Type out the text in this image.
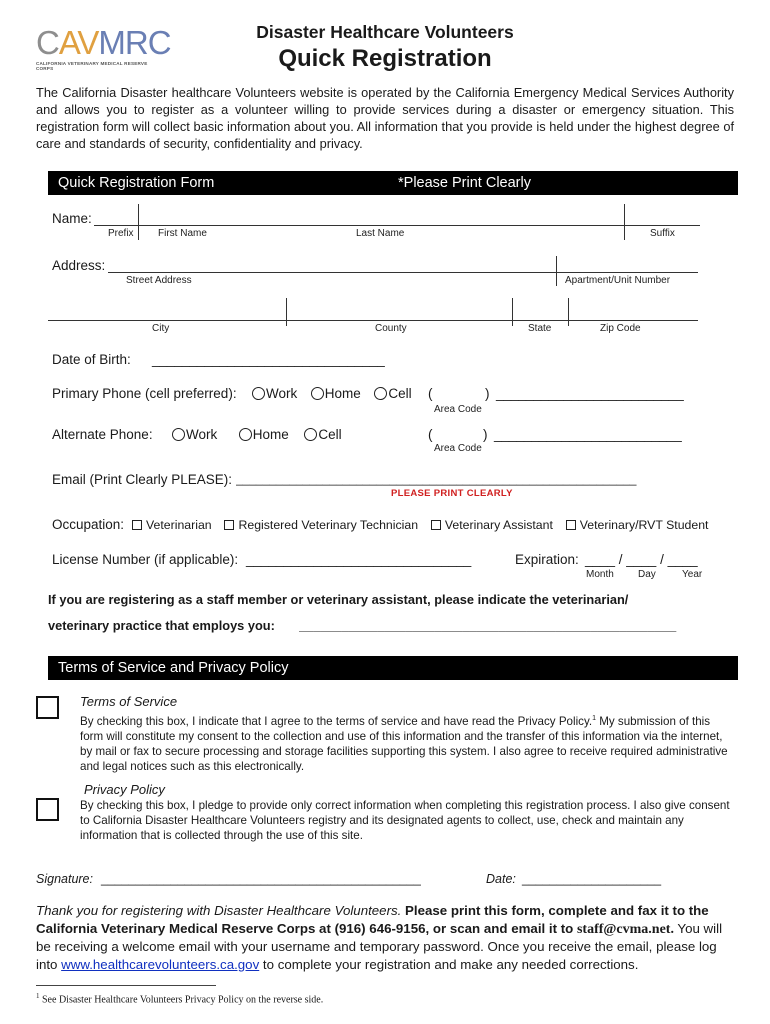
CAVMRC
CALIFORNIA VETERINARY MEDICAL RESERVE CORPS
Disaster Healthcare Volunteers
Quick Registration
The California Disaster healthcare Volunteers website is operated by the California Emergency Medical Services Authority and allows you to register as a volunteer willing to provide services during a disaster or emergency situation. This registration form will collect basic information about you. All information that you provide is held under the highest degree of care and standards of security, confidentiality and privacy.
Quick Registration Form	*Please Print Clearly
Name:
Prefix First Name	Last Name	Suffix
Address:
Street Address	Apartment/Unit Number
City	County	State	Zip Code
Date of Birth: _______________________________
Primary Phone (cell preferred):	Work Home Cell (	) _________________________
Area Code
Alternate Phone:	Work	Home Cell	(	) _________________________
Area Code
Email (Print Clearly PLEASE): ____________________________________________________________
PLEASE PRINT CLEARLY
Occupation:	Veterinarian Registered Veterinary Technician Veterinary Assistant Veterinary/RVT Student
License Number (if applicable): ______________________________	Expiration: ____ / ____ / ____
Month Day	Year
If you are registering as a staff member or veterinary assistant, please indicate the veterinarian/
veterinary practice that employs you: _____________________________________________________
Terms of Service and Privacy Policy
Terms of Service
By checking this box, I indicate that I agree to the terms of service and have read the Privacy Policy.$^1$ My submission of this form will constitute my consent to the collection and use of this information and the transfer of this information via the internet, by mail or fax to secure processing and storage facilities supporting this system. I also agree to receive required administrative and legal notices such as this electronically.
Privacy Policy
By checking this box, I pledge to provide only correct information when completing this registration process. I also give consent to California Disaster Healthcare Volunteers registry and its designated agents to collect, use, check and maintain any information that is collected through the use of this site.
Signature: ______________________________________________	Date: ____________________
Thank you for registering with Disaster Healthcare Volunteers. Please print this form, complete and fax it to the California Veterinary Medical Reserve Corps at (916) 646-9156, or scan and email it to staff@cvma.net. You will be receiving a welcome email with your username and temporary password. Once you receive the email, please log into www.healthcarevolunteers.ca.gov to complete your registration and make any needed corrections.
$^1$ See Disaster Healthcare Volunteers Privacy Policy on the reverse side.
